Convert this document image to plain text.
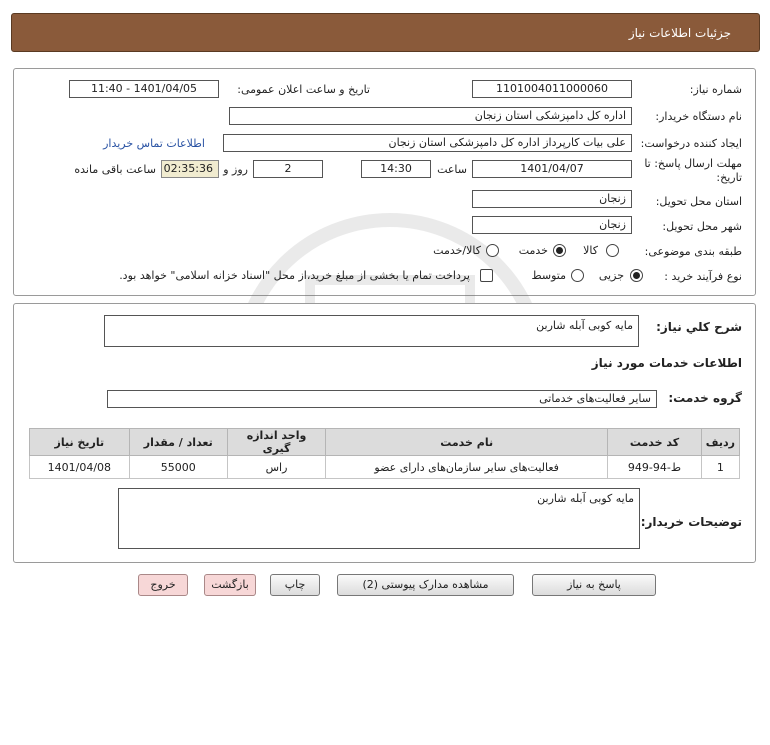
جزئیات اطلاعات نیاز
شماره نیاز:
1101004011000060
تاریخ و ساعت اعلان عمومی:
1401/04/05 - 11:40
نام دستگاه خریدار:
اداره کل دامپزشکی استان زنجان
ایجاد کننده درخواست:
علی بیات کارپرداز اداره کل دامپزشکی استان زنجان
اطلاعات تماس خریدار
مهلت ارسال پاسخ: تا
تاریخ:
1401/04/07
ساعت
14:30
2
روز و
02:35:36
ساعت باقی مانده
استان محل تحویل:
زنجان
شهر محل تحویل:
زنجان
طبقه بندی موضوعی:
کالا
خدمت
کالا/خدمت
نوع فرآیند خرید :
جزیی
متوسط
پرداخت تمام یا بخشی از مبلغ خرید،از محل "اسناد خزانه اسلامی" خواهد بود.
شرح کلي نياز:
مایه کوبی آبله شاربن
اطلاعات خدمات مورد نیاز
گروه خدمت:
سایر فعالیت‌های خدماتی
ردیف	کد خدمت	نام خدمت	واحد اندازه گیری	تعداد / مقدار	تاریخ نیاز
1	ط-94-949	فعالیت‌های سایر سازمان‌های دارای عضو	راس	55000	1401/04/08
توضیحات خریدار:
مایه کوبی آبله شاربن
پاسخ به نیاز
مشاهده مدارک پیوستی (2)
چاپ
بازگشت
خروج
